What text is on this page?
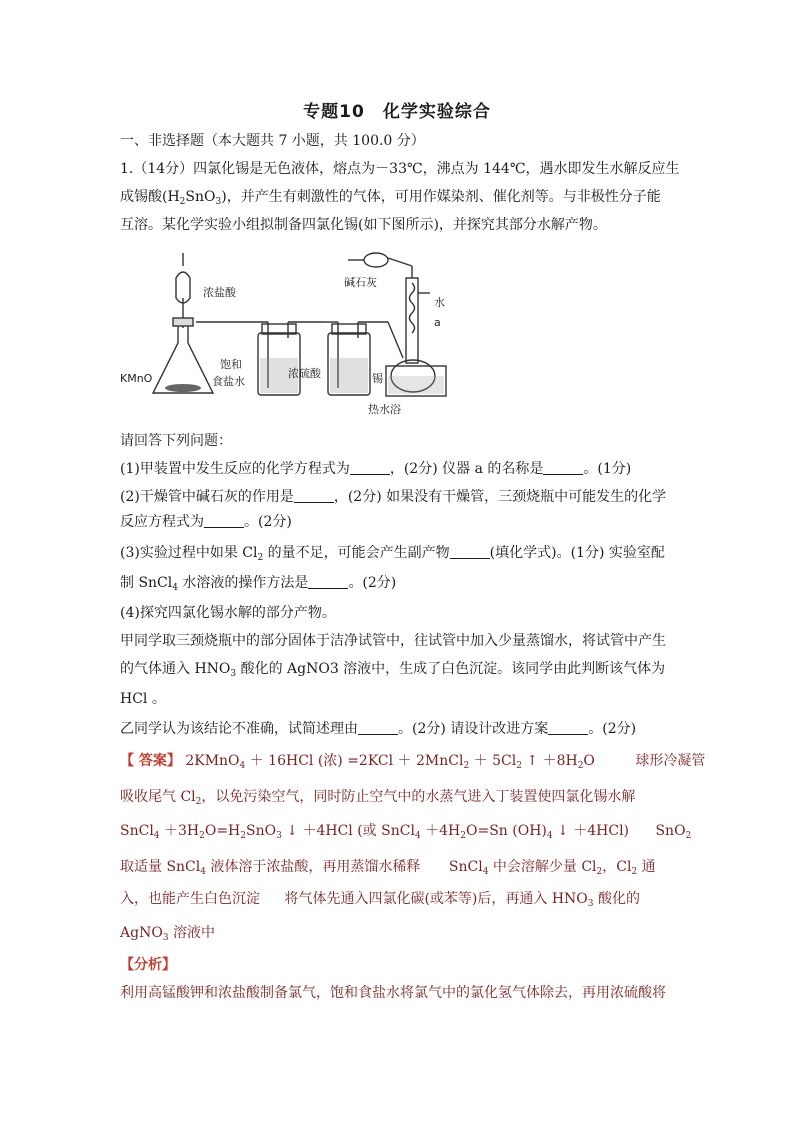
专题10　化学实验综合
一、非选择题（本大题共 7 小题，共 100.0 分）
1.（14分）四氯化锡是无色液体，熔点为－33℃，沸点为 144℃，遇水即发生水解反应生
成锡酸$(H_2SnO_3)$，并产生有刺激性的气体，可用作媒染剂、催化剂等。与非极性分子能
互溶。某化学实验小组拟制备四氯化锡(如下图所示)，并探究其部分水解产物。
浓盐酸
碱石灰
水
a
KMnO
饱和
食盐水
浓硫酸	锡
热水浴
请回答下列问题：
(1)甲装置中发生反应的化学方程式为	，(2分) 仪器 a 的名称是	。(1分)
(2)干燥管中碱石灰的作用是	，(2分) 如果没有干燥管，三颈烧瓶中可能发生的化学
反应方程式为	。(2分)
(3)实验过程中如果 $Cl_2$ 的量不足，可能会产生副产物	(填化学式)。(1分) 实验室配
制 SnCl$_4$ 水溶液的操作方法是	。(2分)
(4)探究四氯化锡水解的部分产物。
甲同学取三颈烧瓶中的部分固体于洁净试管中，往试管中加入少量蒸馏水，将试管中产生
的气体通入 $HNO_3$ 酸化的 AgNO3 溶液中，生成了白色沉淀。该同学由此判断该气体为
HCl 。
乙同学认为该结论不准确，试简述理由	。(2分) 请设计改进方案	。(2分)
【 答案】 2KMnO$_4$ ＋ 16HCl (浓) =2KCl ＋ 2MnCl$_2$ ＋ $5Cl_2$ ↑ $+8H_2O$	球形冷凝管
吸收尾气 $Cl_2$，以免污染空气，同时防止空气中的水蒸气进入丁装置使四氯化锡水解
SnCl$_4$ $+3H_2O=H_2SnO_3$ ↓ ＋4HCl (或 SnCl$_4$ $+4H_2O=Sn$ $(OH)_4$ ↓ ＋4HCl) SnO$_2$
取适量 SnCl$_4$ 液体溶于浓盐酸，再用蒸馏水稀释 SnCl$_4$ 中会溶解少量 $Cl_2$，$Cl_2$ 通
入，也能产生白色沉淀 将气体先通入四氯化碳(或苯等)后，再通入 $HNO_3$ 酸化的
AgNO$_3$ 溶液中
【分析】
利用高锰酸钾和浓盐酸制备氯气，饱和食盐水将氯气中的氯化氢气体除去，再用浓硫酸将
